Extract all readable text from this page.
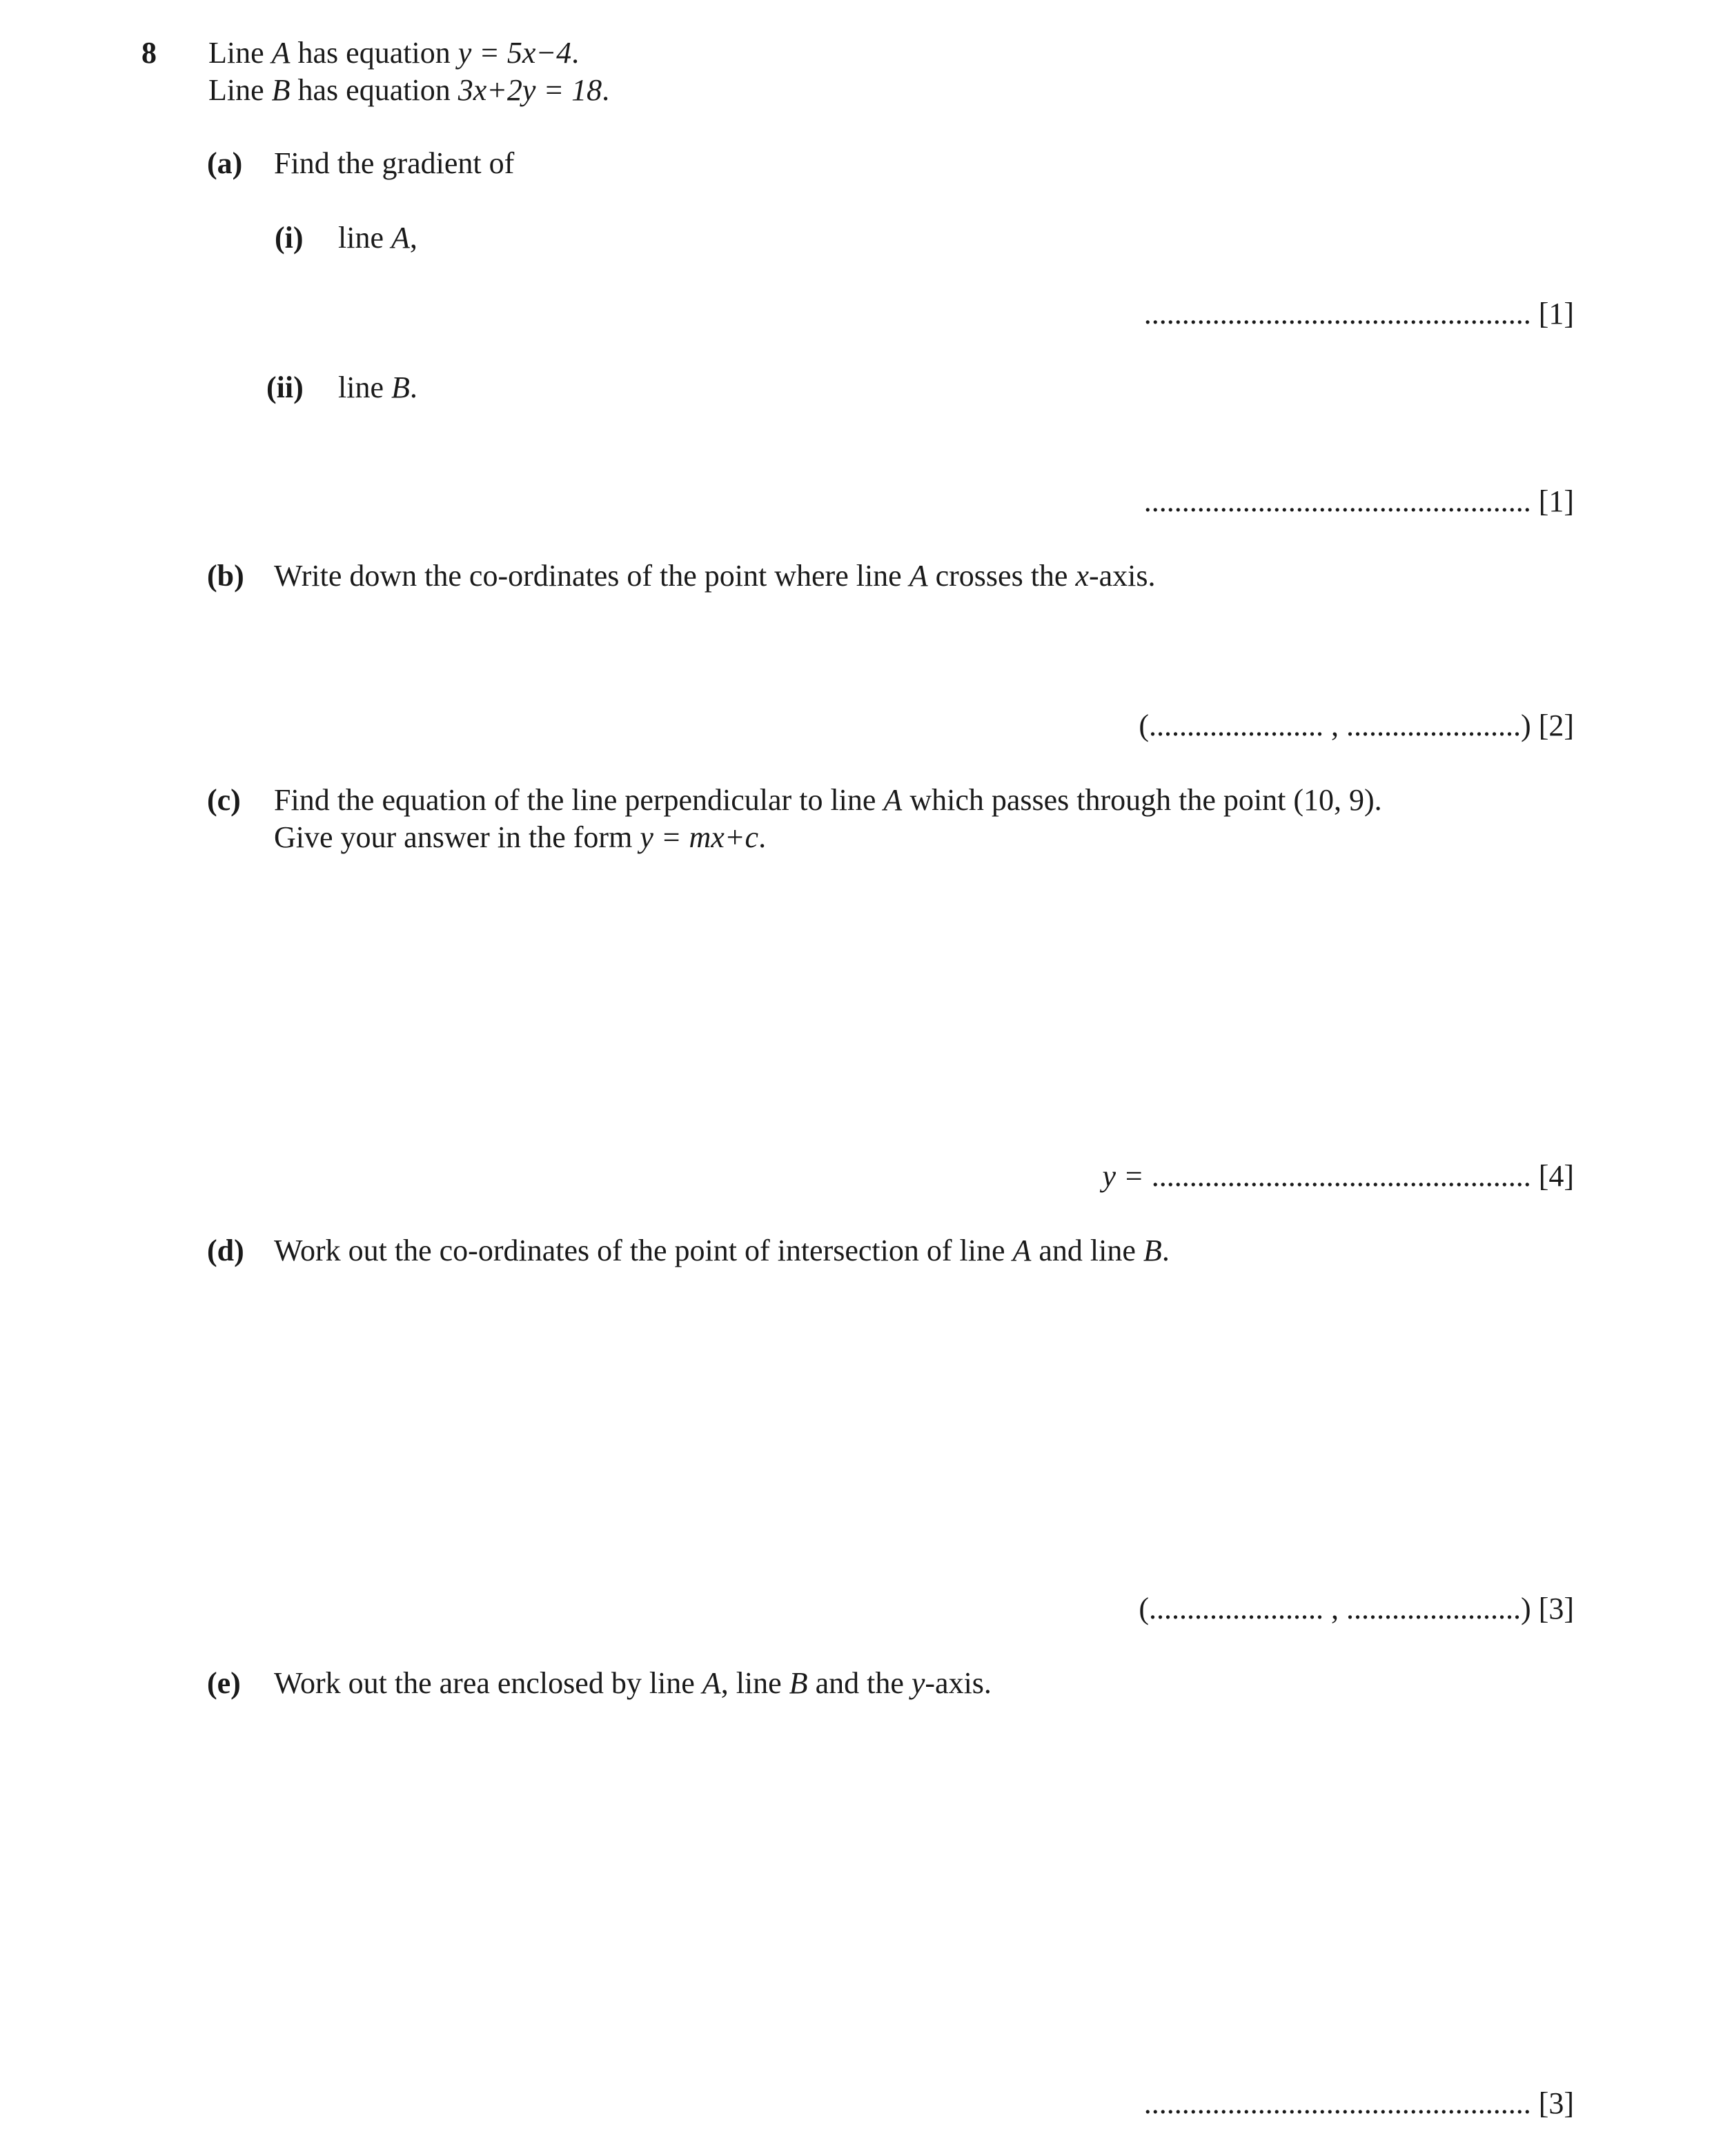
8 Line A has equation y = 5x−4.
Line B has equation 3x+2y = 18.
(a) Find the gradient of
(i) line A,
................................................... [1]
(ii) line B.
................................................... [1]
(b) Write down the co-ordinates of the point where line A crosses the x-axis.
(....................... , .......................) [2]
(c) Find the equation of the line perpendicular to line A which passes through the point (10, 9).
Give your answer in the form y = mx+c.
y = .................................................. [4]
(d) Work out the co-ordinates of the point of intersection of line A and line B.
(....................... , .......................) [3]
(e) Work out the area enclosed by line A, line B and the y-axis.
................................................... [3]
